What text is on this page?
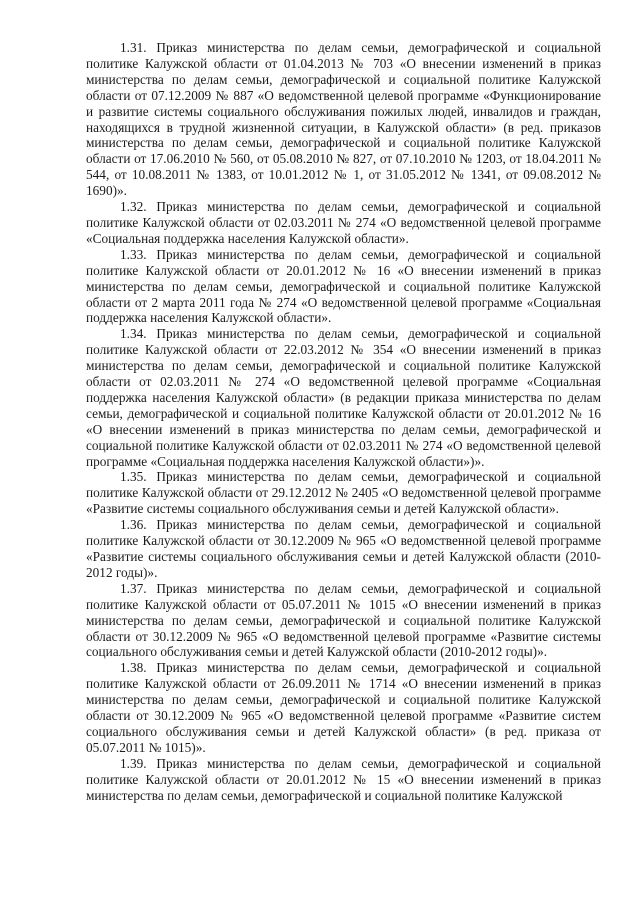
1.31. Приказ министерства по делам семьи, демографической и социальной политике Калужской области от 01.04.2013 № 703 «О внесении изменений в приказ министерства по делам семьи, демографической и социальной политике Калужской области от 07.12.2009 № 887 «О ведомственной целевой программе «Функционирование и развитие системы социального обслуживания пожилых людей, инвалидов и граждан, находящихся в трудной жизненной ситуации, в Калужской области» (в ред. приказов министерства по делам семьи, демографической и социальной политике Калужской области от 17.06.2010 № 560, от 05.08.2010 № 827, от 07.10.2010 № 1203, от 18.04.2011 № 544, от 10.08.2011 № 1383, от 10.01.2012 № 1, от 31.05.2012 № 1341, от 09.08.2012 № 1690)».

1.32. Приказ министерства по делам семьи, демографической и социальной политике Калужской области от 02.03.2011 № 274 «О ведомственной целевой программе «Социальная поддержка населения Калужской области».

1.33. Приказ министерства по делам семьи, демографической и социальной политике Калужской области от 20.01.2012 № 16 «О внесении изменений в приказ министерства по делам семьи, демографической и социальной политике Калужской области от 2 марта 2011 года № 274 «О ведомственной целевой программе «Социальная поддержка населения Калужской области».

1.34. Приказ министерства по делам семьи, демографической и социальной политике Калужской области от 22.03.2012 № 354 «О внесении изменений в приказ министерства по делам семьи, демографической и социальной политике Калужской области от 02.03.2011 № 274 «О ведомственной целевой программе «Социальная поддержка населения Калужской области» (в редакции приказа министерства по делам семьи, демографической и социальной политике Калужской области от 20.01.2012 № 16 «О внесении изменений в приказ министерства по делам семьи, демографической и социальной политике Калужской области от 02.03.2011 № 274 «О ведомственной целевой программе «Социальная поддержка населения Калужской области»)».

1.35. Приказ министерства по делам семьи, демографической и социальной политике Калужской области от 29.12.2012 № 2405 «О ведомственной целевой программе «Развитие системы социального обслуживания семьи и детей Калужской области».

1.36. Приказ министерства по делам семьи, демографической и социальной политике Калужской области от 30.12.2009 № 965 «О ведомственной целевой программе «Развитие системы социального обслуживания семьи и детей Калужской области (2010-2012 годы)».

1.37. Приказ министерства по делам семьи, демографической и социальной политике Калужской области от 05.07.2011 № 1015 «О внесении изменений в приказ министерства по делам семьи, демографической и социальной политике Калужской области от 30.12.2009 № 965 «О ведомственной целевой программе «Развитие системы социального обслуживания семьи и детей Калужской области (2010-2012 годы)».

1.38. Приказ министерства по делам семьи, демографической и социальной политике Калужской области от 26.09.2011 № 1714 «О внесении изменений в приказ министерства по делам семьи, демографической и социальной политике Калужской области от 30.12.2009 № 965 «О ведомственной целевой программе «Развитие систем социального обслуживания семьи и детей Калужской области» (в ред. приказа от 05.07.2011 № 1015)».

1.39. Приказ министерства по делам семьи, демографической и социальной политике Калужской области от 20.01.2012 № 15 «О внесении изменений в приказ министерства по делам семьи, демографической и социальной политике Калужской
